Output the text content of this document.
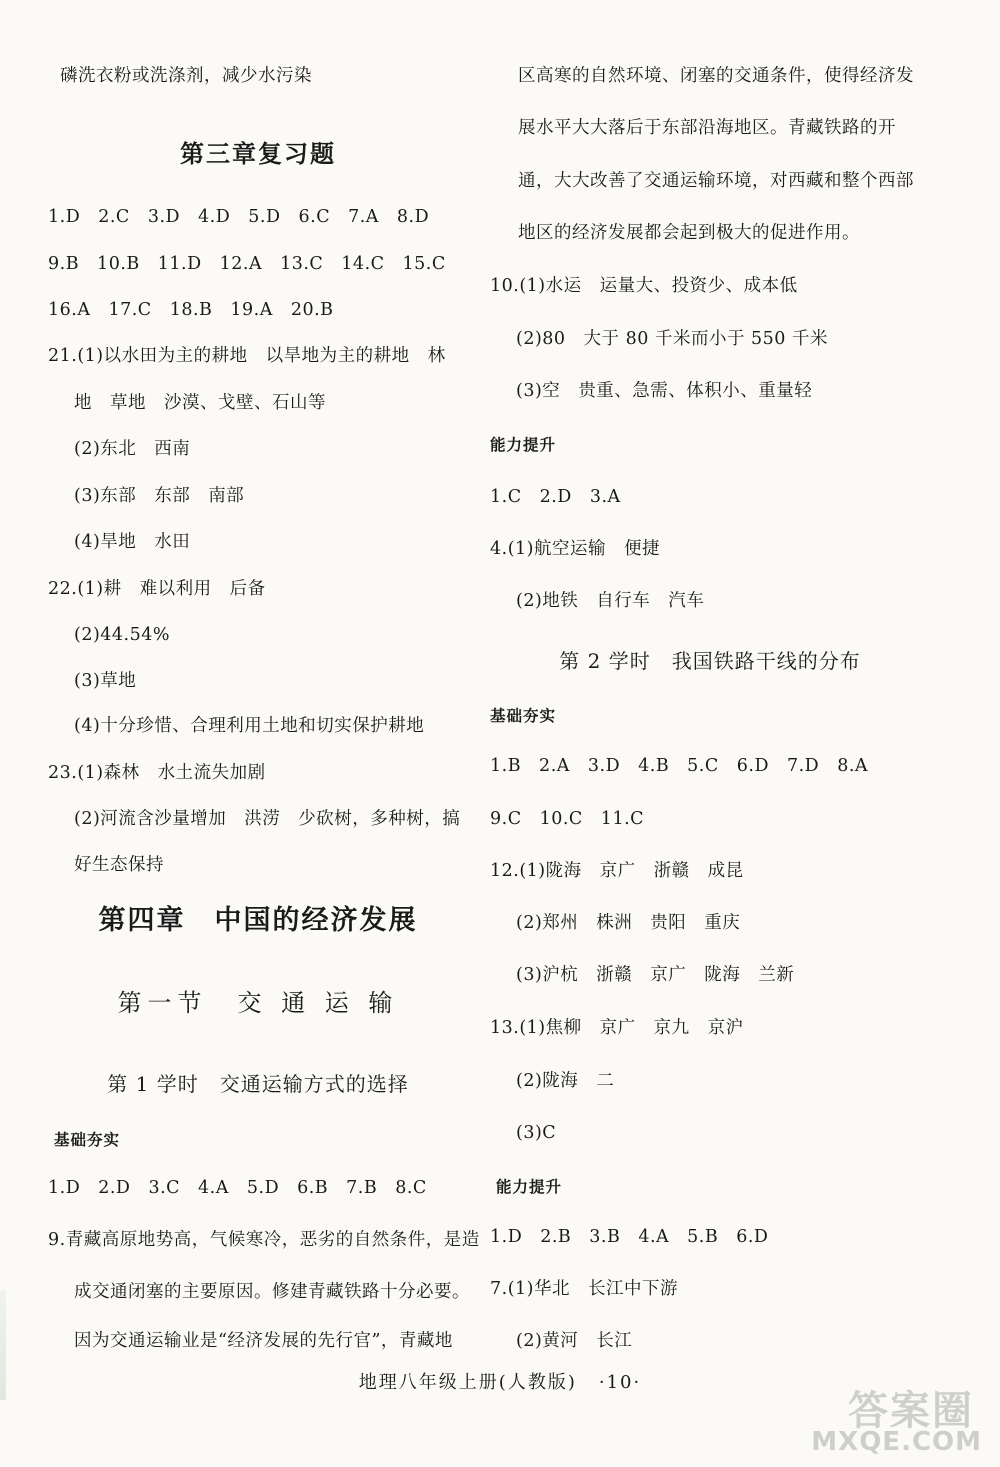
磷洗衣粉或洗涤剂，减少水污染
第三章复习题
1.D　2.C　3.D　4.D　5.D　6.C　7.A　8.D
9.B　10.B　11.D　12.A　13.C　14.C　15.C
16.A　17.C　18.B　19.A　20.B
21.(1)以水田为主的耕地　以旱地为主的耕地　林
地　草地　沙漠、戈壁、石山等
(2)东北　西南
(3)东部　东部　南部
(4)旱地　水田
22.(1)耕　难以利用　后备
(2)44.54%
(3)草地
(4)十分珍惜、合理利用土地和切实保护耕地
23.(1)森林　水土流失加剧
(2)河流含沙量增加　洪涝　少砍树，多种树，搞
好生态保持
第四章　中国的经济发展
第一节　交 通 运 输
第 1 学时　交通运输方式的选择
基础夯实
1.D　2.D　3.C　4.A　5.D　6.B　7.B　8.C
9.青藏高原地势高，气候寒冷，恶劣的自然条件，是造
成交通闭塞的主要原因。修建青藏铁路十分必要。
因为交通运输业是“经济发展的先行官”，青藏地
区高寒的自然环境、闭塞的交通条件，使得经济发
展水平大大落后于东部沿海地区。青藏铁路的开
通，大大改善了交通运输环境，对西藏和整个西部
地区的经济发展都会起到极大的促进作用。
10.(1)水运　运量大、投资少、成本低
(2)80　大于 80 千米而小于 550 千米
(3)空　贵重、急需、体积小、重量轻
能力提升
1.C　2.D　3.A
4.(1)航空运输　便捷
(2)地铁　自行车　汽车
第 2 学时　我国铁路干线的分布
基础夯实
1.B　2.A　3.D　4.B　5.C　6.D　7.D　8.A
9.C　10.C　11.C
12.(1)陇海　京广　浙赣　成昆
(2)郑州　株洲　贵阳　重庆
(3)沪杭　浙赣　京广　陇海　兰新
13.(1)焦柳　京广　京九　京沪
(2)陇海　二
(3)C
能力提升
1.D　2.B　3.B　4.A　5.B　6.D
7.(1)华北　长江中下游
(2)黄河　长江
地理八年级上册(人教版) ·10·
答案圈
MXQE.COM
